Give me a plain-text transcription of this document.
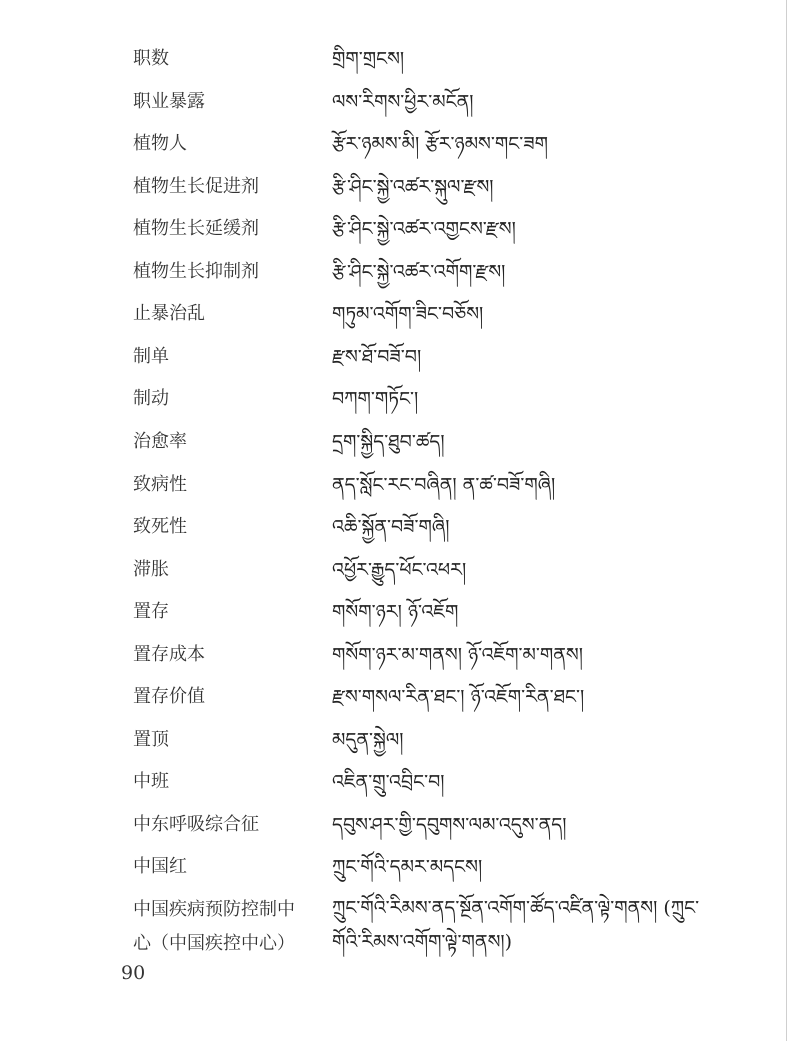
职数	གྲིག་གྲངས།
职业暴露	ལས་རིགས་ཕྱིར་མངོན།
植物人	རྩོར་ཉམས་མི། རྩོར་ཉམས་གང་ཟག
植物生长促进剂	རྩི་ཤིང་སྐྱེ་འཚར་སྐུལ་རྫས།
植物生长延缓剂	རྩི་ཤིང་སྐྱེ་འཚར་འགྱངས་རྫས།
植物生长抑制剂	རྩི་ཤིང་སྐྱེ་འཚར་འགོག་རྫས།
止暴治乱	གཏུམ་འགོག་ཟིང་བཅོས།
制单	རྫས་ཐོ་བཟོ་བ།
制动	བཀག་གཏོང་།
治愈率	དྲག་སྐྱིད་ཐུབ་ཚད།
致病性	ནད་སློང་རང་བཞིན། ན་ཚ་བཟོ་གཞི།
致死性	འཆི་སྐྱོན་བཟོ་གཞི།
滞胀	འཕྱོར་རྒྱུད་ཕོང་འཕར།
置存	གསོག་ཉར། ཉོ་འཇོག
置存成本	གསོག་ཉར་མ་གནས། ཉོ་འཇོག་མ་གནས།
置存价值	རྫས་གསལ་རིན་ཐང་། ཉོ་འཇོག་རིན་ཐང་།
置顶	མདུན་སྐྱེལ།
中班	འཇིན་གྲུ་འབྲིང་བ།
中东呼吸综合征	དབུས་ཤར་གྱི་དབུགས་ལམ་འདུས་ནད།
中国红	ཀྲུང་གོའི་དམར་མདངས།
中国疾病预防控制中心（中国疾控中心）
ཀྲུང་གོའི་རིམས་ནད་སྔོན་འགོག་ཚོད་འཛིན་ལྟེ་གནས། (ཀྲུང་གོའི་རིམས་འགོག་ལྟེ་གནས།)
90
